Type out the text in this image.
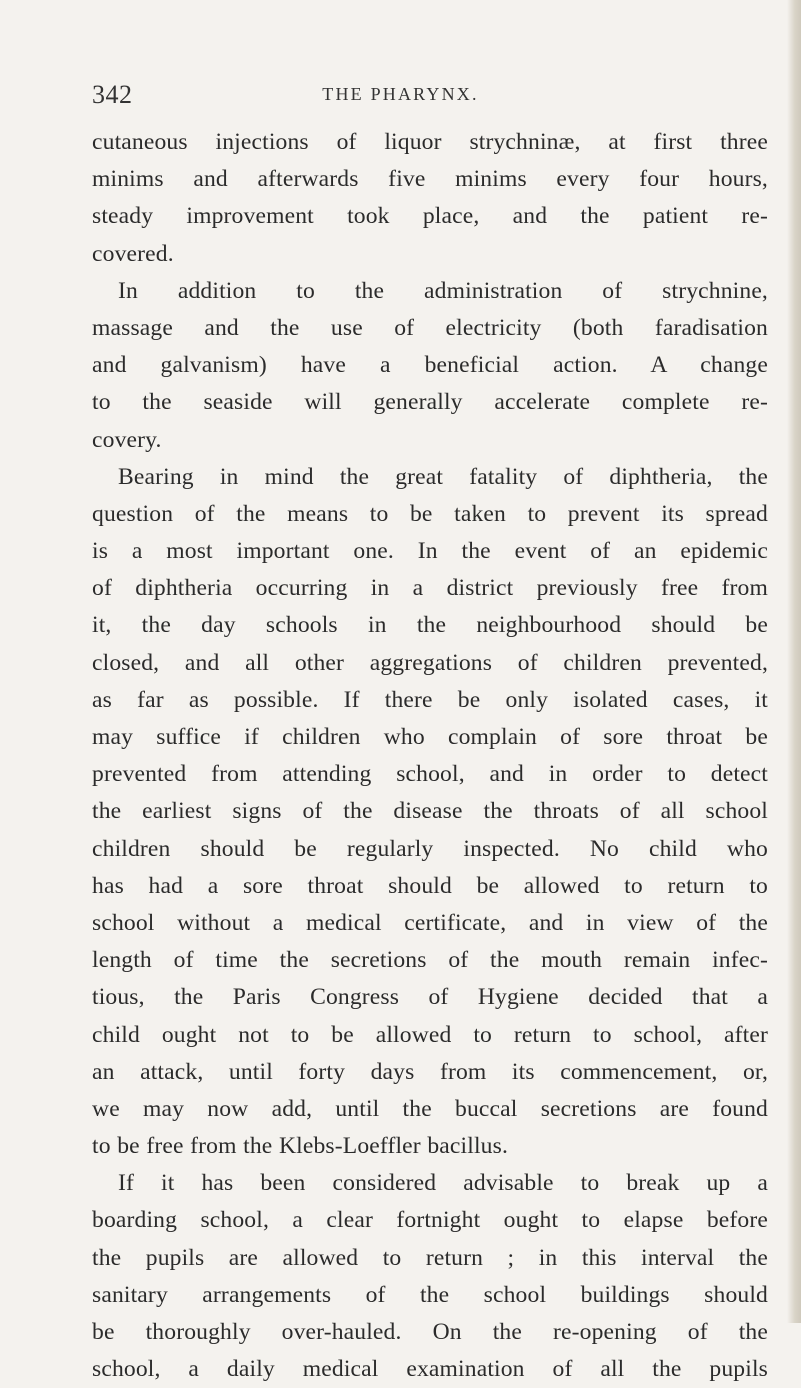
342	THE PHARYNX.
cutaneous injections of liquor strychninæ, at first three
minims and afterwards five minims every four hours,
steady improvement took place, and the patient re-
covered.
In addition to the administration of strychnine,
massage and the use of electricity (both faradisation
and galvanism) have a beneficial action. A change
to the seaside will generally accelerate complete re-
covery.
Bearing in mind the great fatality of diphtheria, the
question of the means to be taken to prevent its spread
is a most important one. In the event of an epidemic
of diphtheria occurring in a district previously free from
it, the day schools in the neighbourhood should be
closed, and all other aggregations of children prevented,
as far as possible. If there be only isolated cases, it
may suffice if children who complain of sore throat be
prevented from attending school, and in order to detect
the earliest signs of the disease the throats of all school
children should be regularly inspected. No child who
has had a sore throat should be allowed to return to
school without a medical certificate, and in view of the
length of time the secretions of the mouth remain infec-
tious, the Paris Congress of Hygiene decided that a
child ought not to be allowed to return to school, after
an attack, until forty days from its commencement, or,
we may now add, until the buccal secretions are found
to be free from the Klebs-Loeffler bacillus.
If it has been considered advisable to break up a
boarding school, a clear fortnight ought to elapse before
the pupils are allowed to return ; in this interval the
sanitary arrangements of the school buildings should
be thoroughly over-hauled. On the re-opening of the
school, a daily medical examination of all the pupils
